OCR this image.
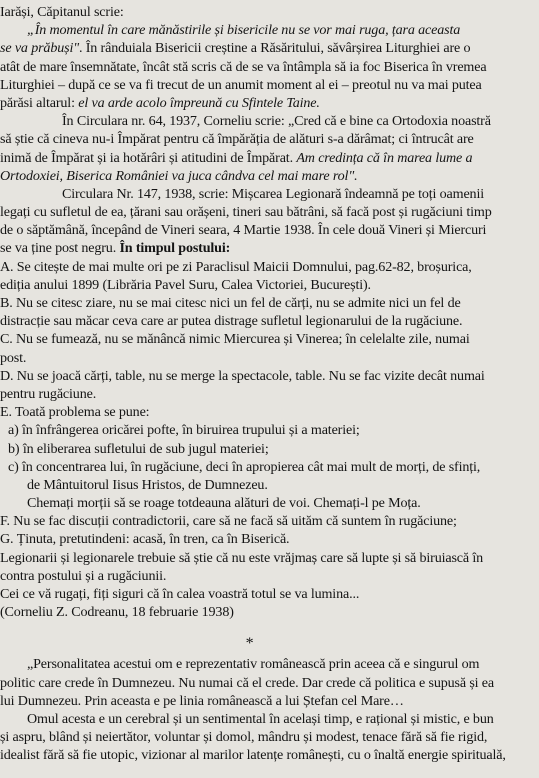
Iarăși, Căpitanul scrie:
„În momentul în care mănăstirile și bisericile nu se vor mai ruga, țara aceasta
se va prăbuși". În rânduiala Bisericii creștine a Răsăritului, săvârșirea Liturghiei are o
atât de mare însemnătate, încât stă scris că de se va întâmpla să ia foc Biserica în vremea
Liturghiei – după ce se va fi trecut de un anumit moment al ei – preotul nu va mai putea
părăsi altarul: el va arde acolo împreună cu Sfintele Taine.
În Circulara nr. 64, 1937, Corneliu scrie: „Cred că e bine ca Ortodoxia noastră
să știe că cineva nu-i Împărat pentru că împărăția de alături s-a dărâmat; ci întrucât are
inimă de Împărat și ia hotărâri și atitudini de Împărat. Am credința că în marea lume a
Ortodoxiei, Biserica României va juca cândva cel mai mare rol".
Circulara Nr. 147, 1938, scrie: Mișcarea Legionară îndeamnă pe toți oamenii
legați cu sufletul de ea, țărani sau orășeni, tineri sau bătrâni, să facă post și rugăciuni timp
de o săptămână, începând de Vineri seara, 4 Martie 1938. În cele două Vineri și Miercuri
se va ține post negru. În timpul postului:
A. Se citește de mai multe ori pe zi Paraclisul Maicii Domnului, pag.62-82, broșurica,
ediția anului 1899 (Librăria Pavel Suru, Calea Victoriei, București).
B. Nu se citesc ziare, nu se mai citesc nici un fel de cărți, nu se admite nici un fel de
distracție sau măcar ceva care ar putea distrage sufletul legionarului de la rugăciune.
C. Nu se fumează, nu se mănâncă nimic Miercurea și Vinerea; în celelalte zile, numai
post.
D. Nu se joacă cărți, table, nu se merge la spectacole, table. Nu se fac vizite decât numai
pentru rugăciune.
E. Toată problema se pune:
a) în înfrângerea oricărei pofte, în biruirea trupului și a materiei;
b) în eliberarea sufletului de sub jugul materiei;
c) în concentrarea lui, în rugăciune, deci în apropierea cât mai mult de morți, de sfinți,
de Mântuitorul Iisus Hristos, de Dumnezeu.
Chemați morții să se roage totdeauna alături de voi. Chemați-l pe Moța.
F. Nu se fac discuții contradictorii, care să ne facă să uităm că suntem în rugăciune;
G. Ținuta, pretutindeni: acasă, în tren, ca în Biserică.
Legionarii și legionarele trebuie să știe că nu este vrăjmaș care să lupte și să biruiască în
contra postului și a rugăciunii.
Cei ce vă rugați, fiți siguri că în calea voastră totul se va lumina...
(Corneliu Z. Codreanu, 18 februarie 1938)
*
„Personalitatea acestui om e reprezentativ românească prin aceea că e singurul om
politic care crede în Dumnezeu. Nu numai că el crede. Dar crede că politica e supusă și ea
lui Dumnezeu. Prin aceasta e pe linia românească a lui Ștefan cel Mare…
Omul acesta e un cerebral și un sentimental în același timp, e rațional și mistic, e bun
și aspru, blând și neiertător, voluntar și domol, mândru și modest, tenace fără să fie rigid,
idealist fără să fie utopic, vizionar al marilor latențe românești, cu o înaltă energie spirituală,
